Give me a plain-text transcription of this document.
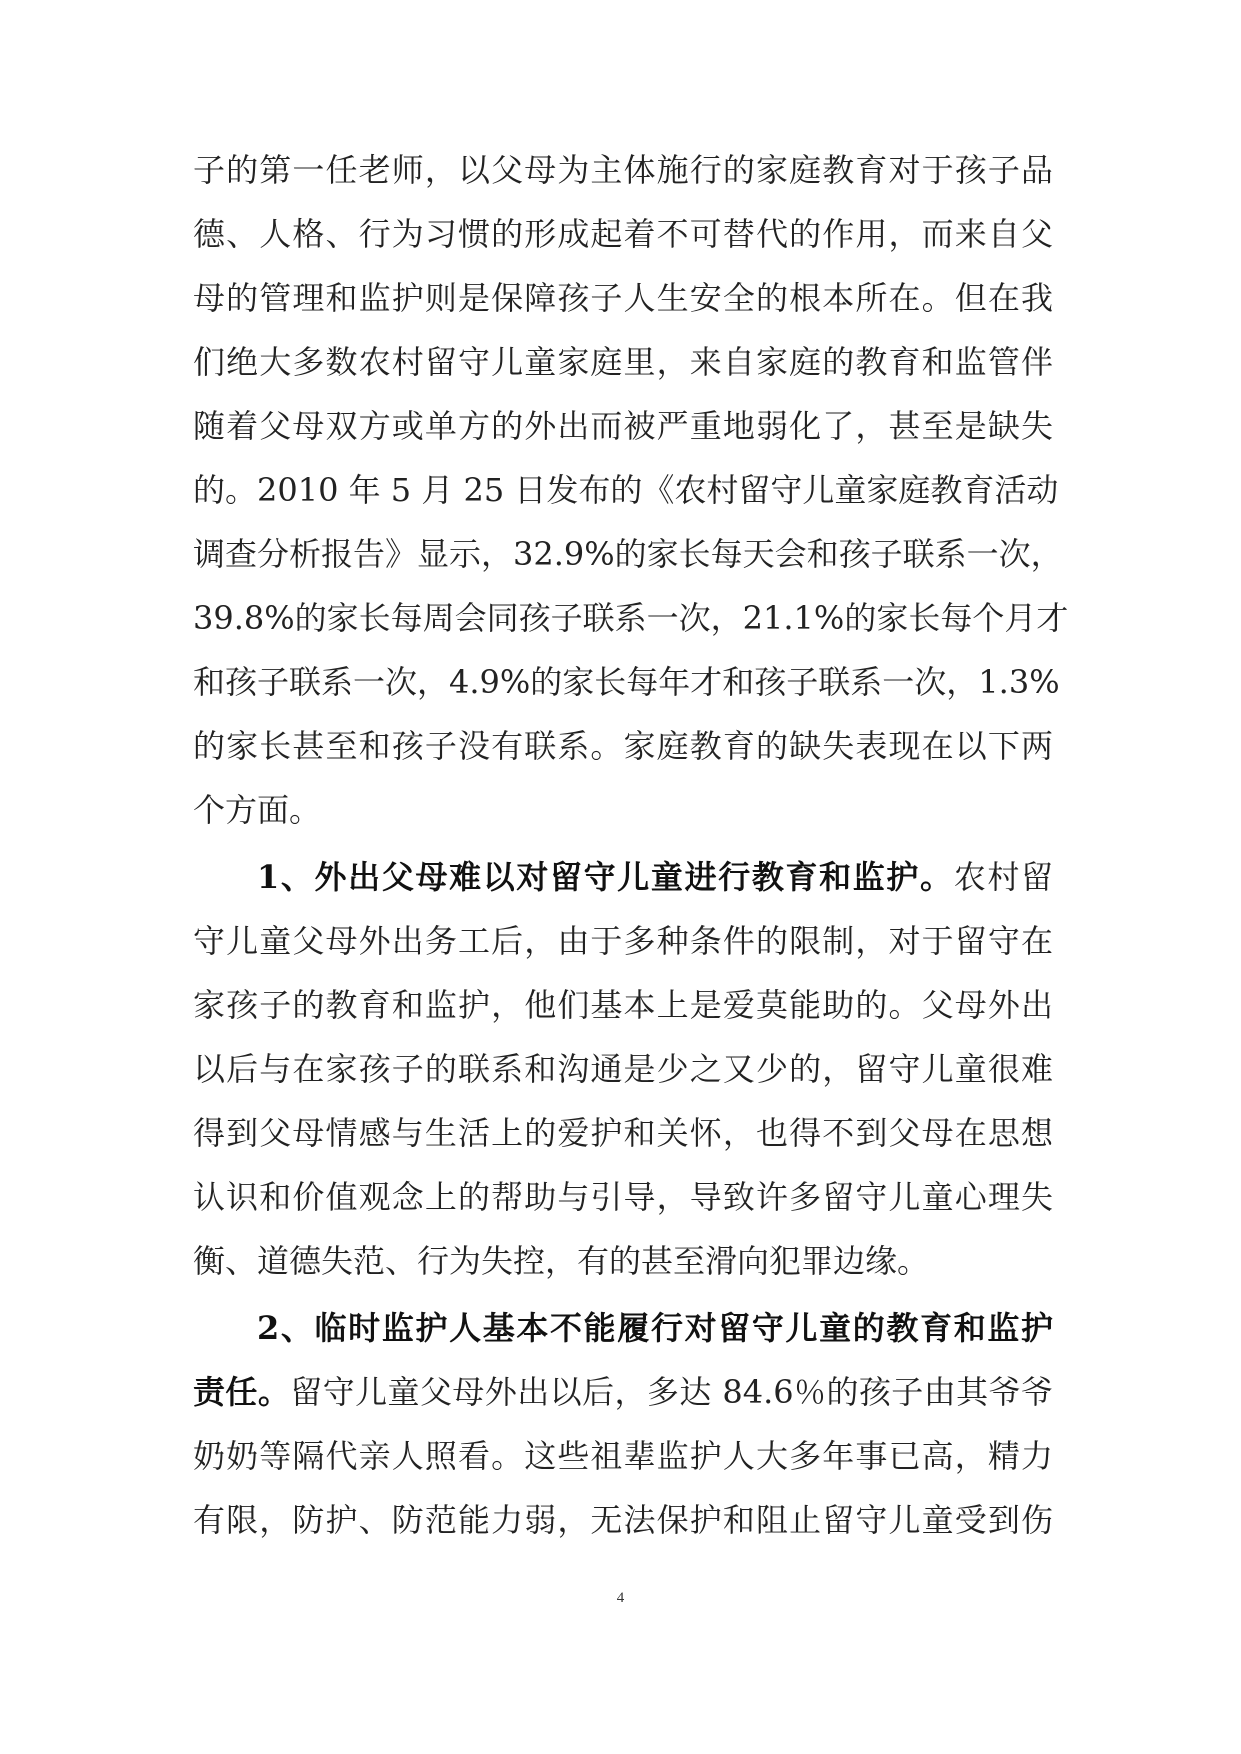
子的第一任老师，以父母为主体施行的家庭教育对于孩子品
德、人格、行为习惯的形成起着不可替代的作用，而来自父
母的管理和监护则是保障孩子人生安全的根本所在。但在我
们绝大多数农村留守儿童家庭里，来自家庭的教育和监管伴
随着父母双方或单方的外出而被严重地弱化了，甚至是缺失
的。2010 年 5 月 25 日发布的《农村留守儿童家庭教育活动
调查分析报告》显示，32.9%的家长每天会和孩子联系一次，
39.8%的家长每周会同孩子联系一次，21.1%的家长每个月才
和孩子联系一次，4.9%的家长每年才和孩子联系一次，1.3%
的家长甚至和孩子没有联系。家庭教育的缺失表现在以下两
个方面。
1、外出父母难以对留守儿童进行教育和监护。农村留
守儿童父母外出务工后，由于多种条件的限制，对于留守在
家孩子的教育和监护，他们基本上是爱莫能助的。父母外出
以后与在家孩子的联系和沟通是少之又少的，留守儿童很难
得到父母情感与生活上的爱护和关怀，也得不到父母在思想
认识和价值观念上的帮助与引导，导致许多留守儿童心理失
衡、道德失范、行为失控，有的甚至滑向犯罪边缘。
2、临时监护人基本不能履行对留守儿童的教育和监护
责任。留守儿童父母外出以后，多达 84.6％的孩子由其爷爷
奶奶等隔代亲人照看。这些祖辈监护人大多年事已高，精力
有限，防护、防范能力弱，无法保护和阻止留守儿童受到伤
4
